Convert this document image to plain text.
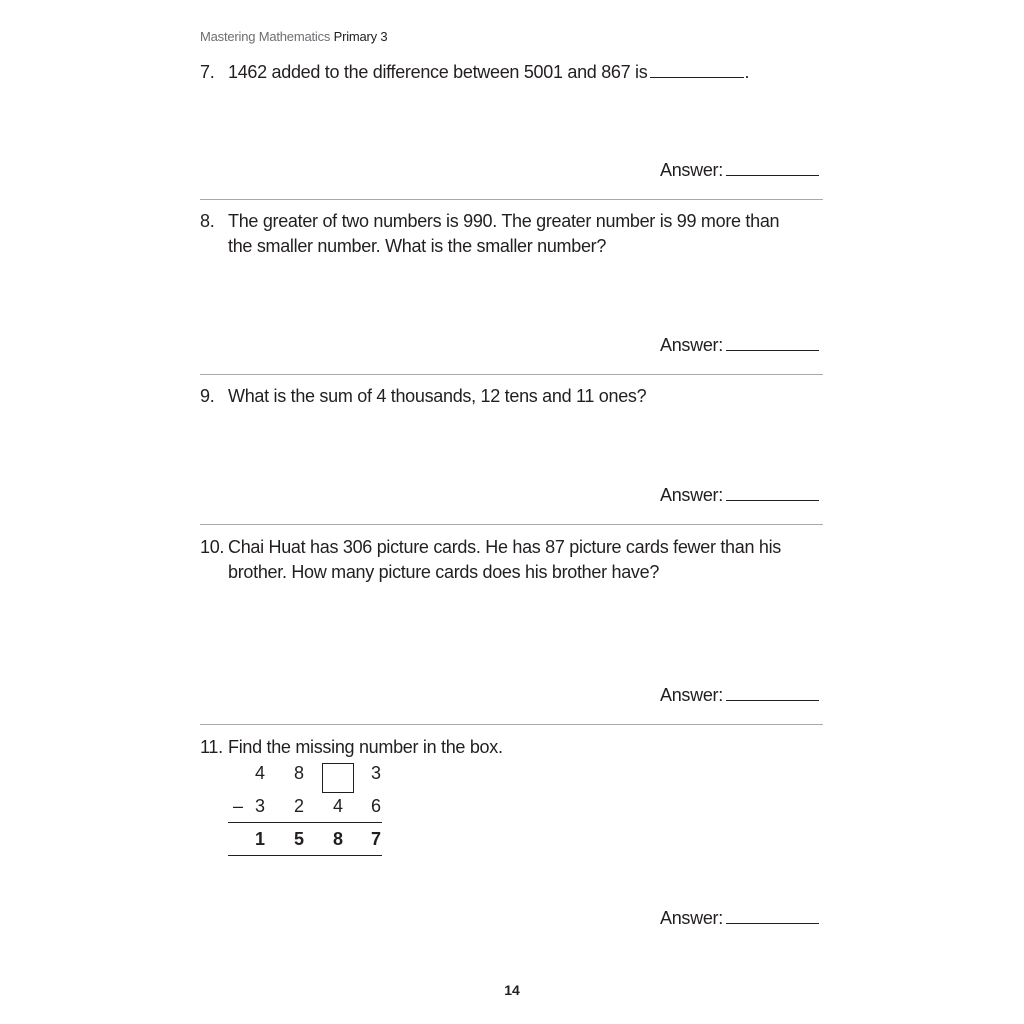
Mastering Mathematics Primary 3
7. 1462 added to the difference between 5001 and 867 is	.
Answer:
8. The greater of two numbers is 990. The greater number is 99 more than
the smaller number. What is the smaller number?
Answer:
9. What is the sum of 4 thousands, 12 tens and 11 ones?
Answer:
10. Chai Huat has 306 picture cards. He has 87 picture cards fewer than his
brother. How many picture cards does his brother have?
Answer:
11. Find the missing number in the box.
4 8	3
– 3 2 4 6
1 5 8 7
Answer:
14
